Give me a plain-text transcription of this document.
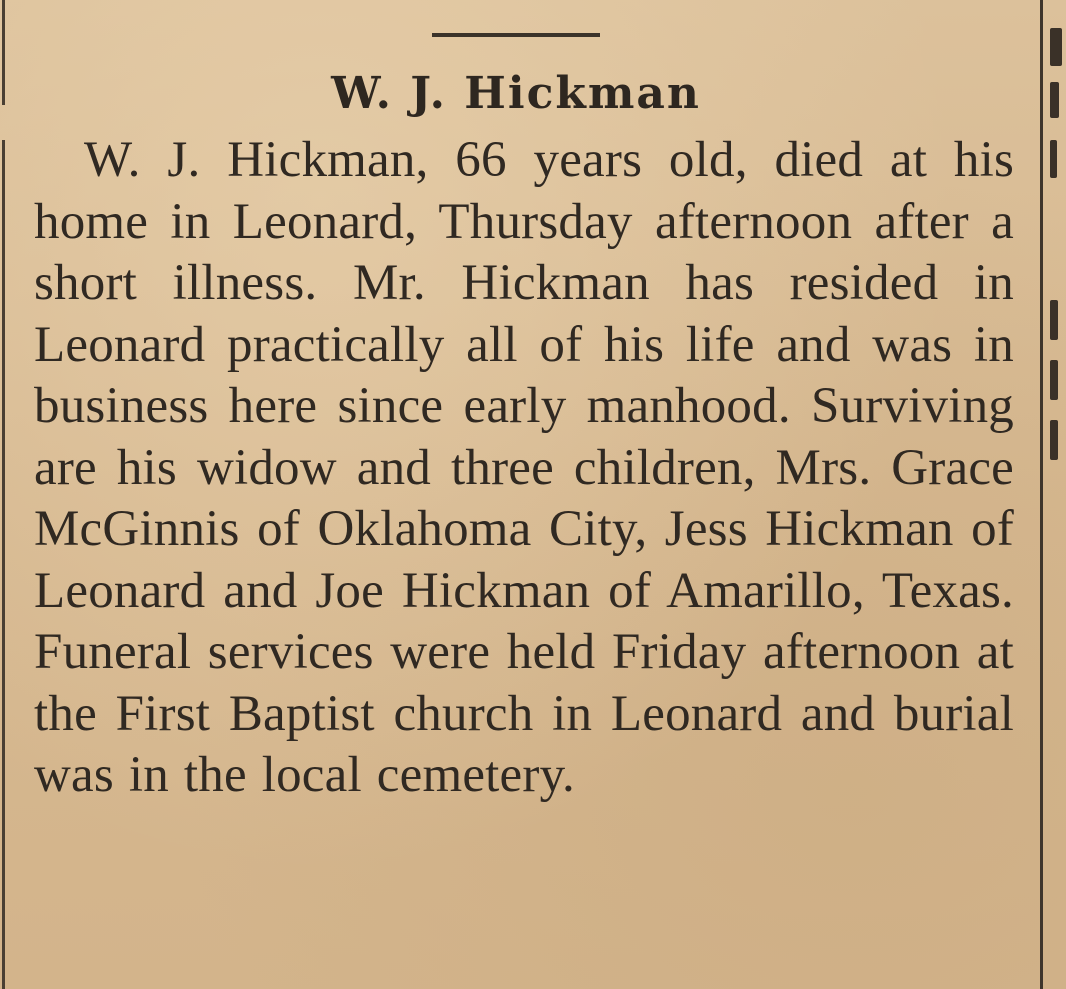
W. J. Hickman

W. J. Hickman, 66 years old, died at his home in Leonard, Thursday afternoon after a short illness. Mr. Hickman has resided in Leonard practically all of his life and was in business here since early manhood. Surviving are his widow and three children, Mrs. Grace McGinnis of Oklahoma City, Jess Hickman of Leonard and Joe Hickman of Amarillo, Texas. Funeral services were held Friday afternoon at the First Baptist church in Leonard and burial was in the local cemetery.
